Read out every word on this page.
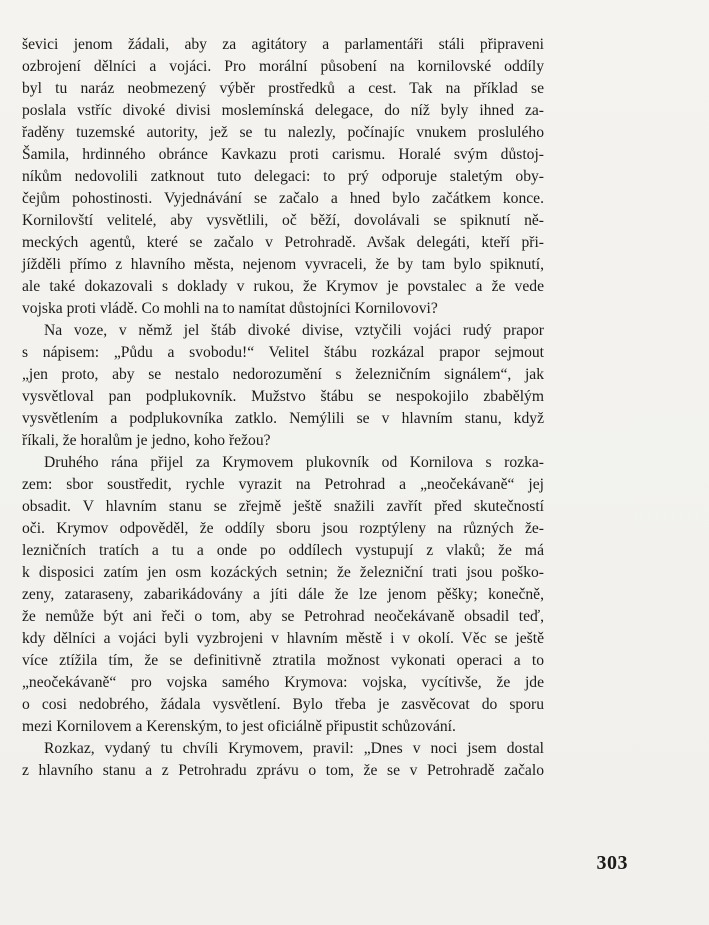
ševici jenom žádali, aby za agitátory a parlamentáři stáli připraveni
ozbrojení dělníci a vojáci. Pro morální působení na kornilovské oddíly
byl tu naráz neobmezený výběr prostředků a cest. Tak na příklad se
poslala vstříc divoké divisi moslemínská delegace, do níž byly ihned za-
řaděny tuzemské autority, jež se tu nalezly, počínajíc vnukem proslulého
Šamila, hrdinného obránce Kavkazu proti carismu. Horalé svým důstoj-
níkům nedovolili zatknout tuto delegaci: to prý odporuje staletým oby-
čejům pohostinosti. Vyjednávání se začalo a hned bylo začátkem konce.
Kornilovští velitelé, aby vysvětlili, oč běží, dovolávali se spiknutí ně-
meckých agentů, které se začalo v Petrohradě. Avšak delegáti, kteří při-
jížděli přímo z hlavního města, nejenom vyvraceli, že by tam bylo spiknutí,
ale také dokazovali s doklady v rukou, že Krymov je povstalec a že vede
vojska proti vládě. Co mohli na to namítat důstojníci Kornilovovi?
Na voze, v němž jel štáb divoké divise, vztyčili vojáci rudý prapor
s nápisem: „Půdu a svobodu!“ Velitel štábu rozkázal prapor sejmout
„jen proto, aby se nestalo nedorozumění s železničním signálem“, jak
vysvětloval pan podplukovník. Mužstvo štábu se nespokojilo zbabělým
vysvětlením a podplukovníka zatklo. Nemýlili se v hlavním stanu, když
říkali, že horalům je jedno, koho řežou?
Druhého rána přijel za Krymovem plukovník od Kornilova s rozka-
zem: sbor soustředit, rychle vyrazit na Petrohrad a „neočekávaně“ jej
obsadit. V hlavním stanu se zřejmě ještě snažili zavřít před skutečností
oči. Krymov odpověděl, že oddíly sboru jsou rozptýleny na různých že-
lezničních tratích a tu a onde po oddílech vystupují z vlaků; že má
k disposici zatím jen osm kozáckých setnin; že železniční trati jsou poško-
zeny, zataraseny, zabarikádovány a jíti dále že lze jenom pěšky; konečně,
že nemůže být ani řeči o tom, aby se Petrohrad neočekávaně obsadil teď,
kdy dělníci a vojáci byli vyzbrojeni v hlavním městě i v okolí. Věc se ještě
více ztížila tím, že se definitivně ztratila možnost vykonati operaci a to
„neočekávaně“ pro vojska samého Krymova: vojska, vycítivše, že jde
o cosi nedobrého, žádala vysvětlení. Bylo třeba je zasvěcovat do sporu
mezi Kornilovem a Kerenským, to jest oficiálně připustit schůzování.
Rozkaz, vydaný tu chvíli Krymovem, pravil: „Dnes v noci jsem dostal
z hlavního stanu a z Petrohradu zprávu o tom, že se v Petrohradě začalo
303
